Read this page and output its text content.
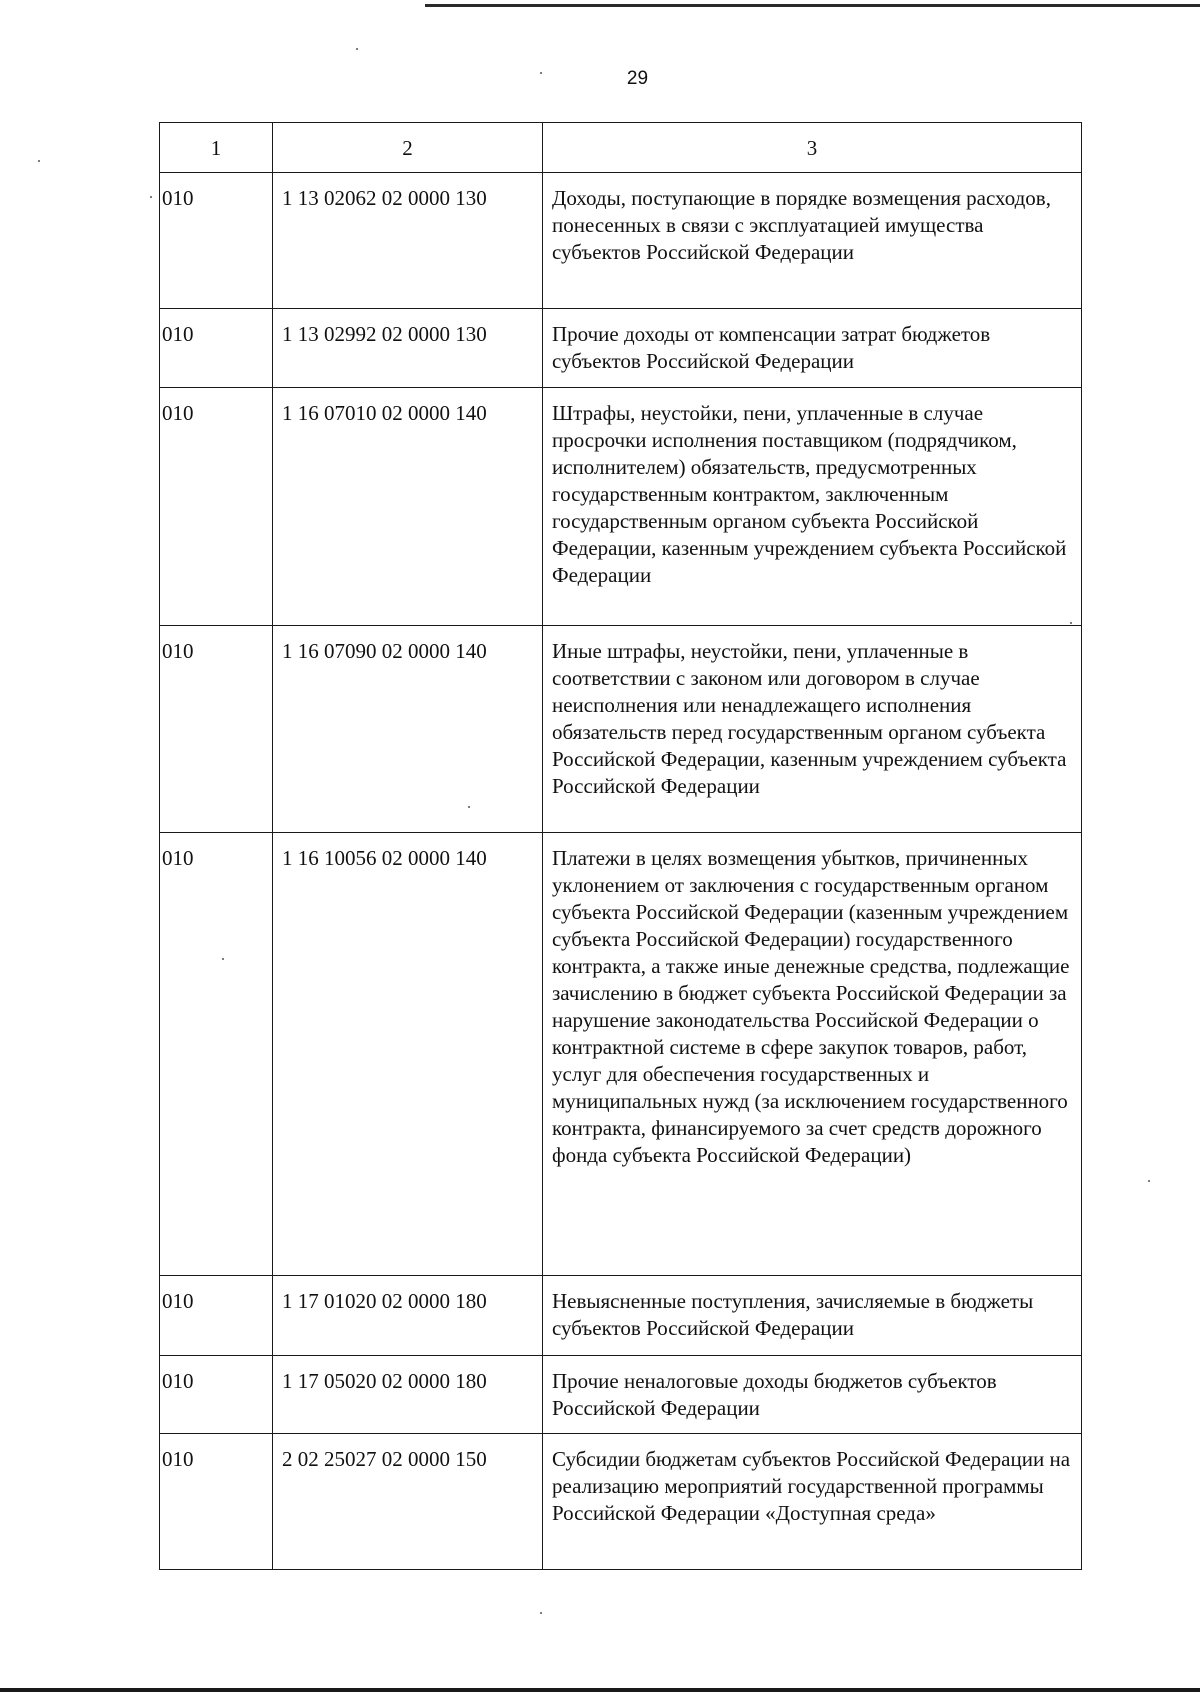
29
1	2	3
010	1 13 02062 02 0000 130	Доходы, поступающие в порядке возмещения расходов, понесенных в связи с эксплуатацией имущества субъектов Российской Федерации
010	1 13 02992 02 0000 130	Прочие доходы от компенсации затрат бюджетов субъектов Российской Федерации
010	1 16 07010 02 0000 140	Штрафы, неустойки, пени, уплаченные в случае просрочки исполнения поставщиком (подрядчиком, исполнителем) обязательств, предусмотренных государственным контрактом, заключенным государственным органом субъекта Российской Федерации, казенным учреждением субъекта Российской Федерации
010	1 16 07090 02 0000 140	Иные штрафы, неустойки, пени, уплаченные в соответствии с законом или договором в случае неисполнения или ненадлежащего исполнения обязательств перед государственным органом субъекта Российской Федерации, казенным учреждением субъекта Российской Федерации
010	1 16 10056 02 0000 140	Платежи в целях возмещения убытков, причиненных уклонением от заключения с государственным органом субъекта Российской Федерации (казенным учреждением субъекта Российской Федерации) государственного контракта, а также иные денежные средства, подлежащие зачислению в бюджет субъекта Российской Федерации за нарушение законодательства Российской Федерации о контрактной системе в сфере закупок товаров, работ, услуг для обеспечения государственных и муниципальных нужд (за исключением государственного контракта, финансируемого за счет средств дорожного фонда субъекта Российской Федерации)
010	1 17 01020 02 0000 180	Невыясненные поступления, зачисляемые в бюджеты субъектов Российской Федерации
010	1 17 05020 02 0000 180	Прочие неналоговые доходы бюджетов субъектов Российской Федерации
010	2 02 25027 02 0000 150	Субсидии бюджетам субъектов Российской Федерации на реализацию мероприятий государственной программы Российской Федерации «Доступная среда»
